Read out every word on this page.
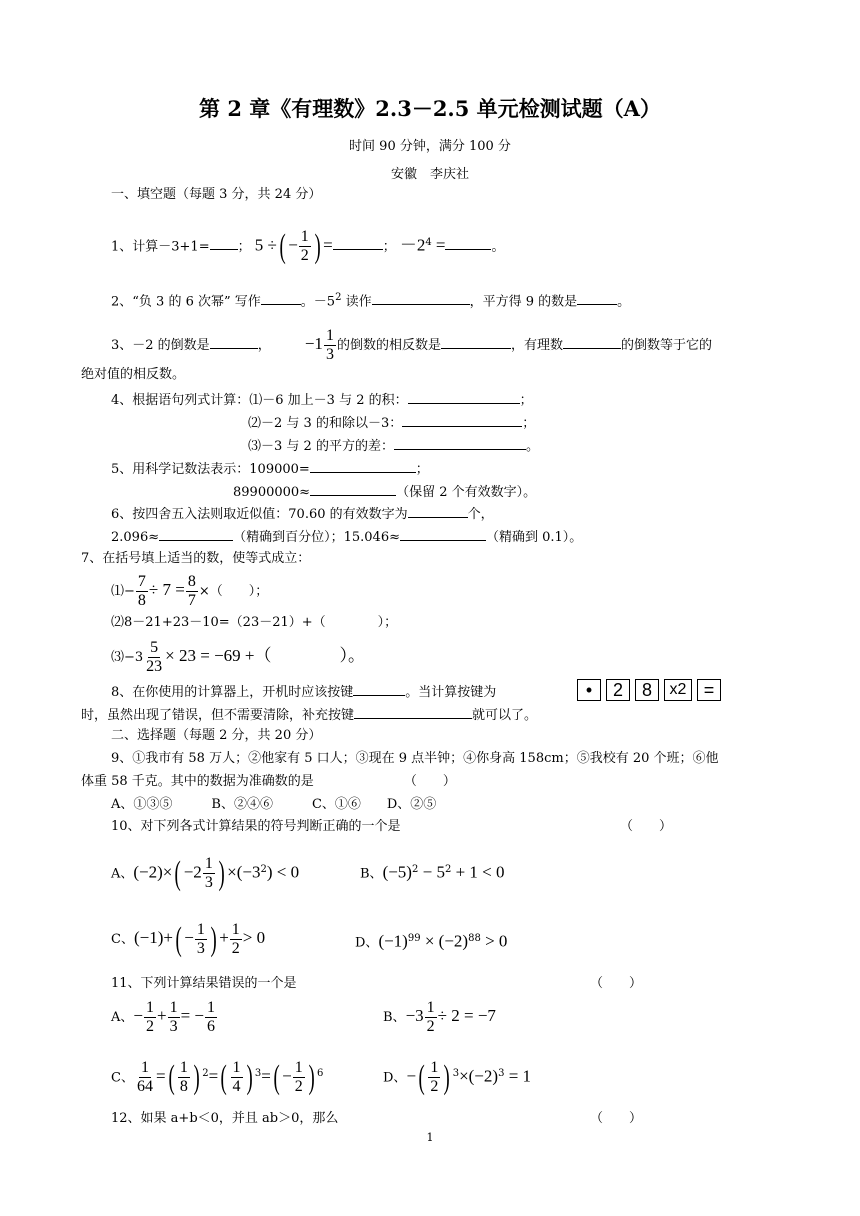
第 2 章《有理数》2.3－2.5 单元检测试题（A）
时间 90 分钟，满分 100 分
安徽　李庆社
一、填空题（每题 3 分，共 24 分）
1、计算－3+1= ； 5 ÷( − $\frac{1}{2}$ ) =	； $-2^4$ =	。
2、“负 3 的 6 次幂” 写作	。$-5^2$ 读作	，平方得 9 的数是	。
3、－2 的倒数是	， $-1 \frac{1}{3}$ 的倒数的相反数是	，有理数	的倒数等于它的
绝对值的相反数。
4、根据语句列式计算：⑴－6 加上－3 与 2 的积：	；
⑵－2 与 3 的和除以－3：	；
⑶－3 与 2 的平方的差：	。
5、用科学记数法表示：109000=	；
89900000≈	（保留 2 个有效数字）。
6、按四舍五入法则取近似值：70.60 的有效数字为	个，
2.096≈	（精确到百分位）；15.046≈	（精确到 0.1）。
7、在括号填上适当的数，使等式成立：
⑴− $\frac{7}{8} \div 7 = \frac{8}{7}$ ×（　　）；
⑵8－21+23－10=（23－21）+（　　　　）；
⑶−3 $\frac{5}{23} \times 23 = -69$ +（　　　　）。
8、在你使用的计算器上，开机时应该按键	。当计算按键为	• 2 8 x2 =
时，虽然出现了错误，但不需要清除，补充按键	就可以了。
二、选择题（每题 2 分，共 20 分）
9、①我市有 58 万人；②他家有 5 口人；③现在 9 点半钟；④你身高 158cm；⑤我校有 20 个班；⑥他
体重 58 千克。其中的数据为准确数的是	（　　）
A、①③⑤　　　B、②④⑥　　　C、①⑥　　D、②⑤
10、对下列各式计算结果的符号判断正确的一个是	（　　）
A、$(-2)\times( -2 \frac{1}{3}$ ) $\times(-3^2) < 0$	B、$(-5)^2 - 5^2 + 1 < 0$
C、$(-1)+( - \frac{1}{3}$ ) + $\frac{1}{2} > 0$	D、$(-1)^{99} \times (-2)^{88} > 0$
11、下列计算结果错误的一个是	（　　）
A、− $\frac{1}{2} + \frac{1}{3}$ = − $\frac{1}{6}$	B、$-3 \frac{1}{2} \div 2 = -7$
C、 $\frac{1}{64}$ =( $\frac{1}{8}$ ) $^2=( \frac{1}{4}$ ) $^3=( - \frac{1}{2}$ ) $^6$	D、−( $\frac{1}{2}$ ) $^3\times(-2)^3 = 1$
12、如果 a+b＜0，并且 ab＞0，那么	（　　）
1
